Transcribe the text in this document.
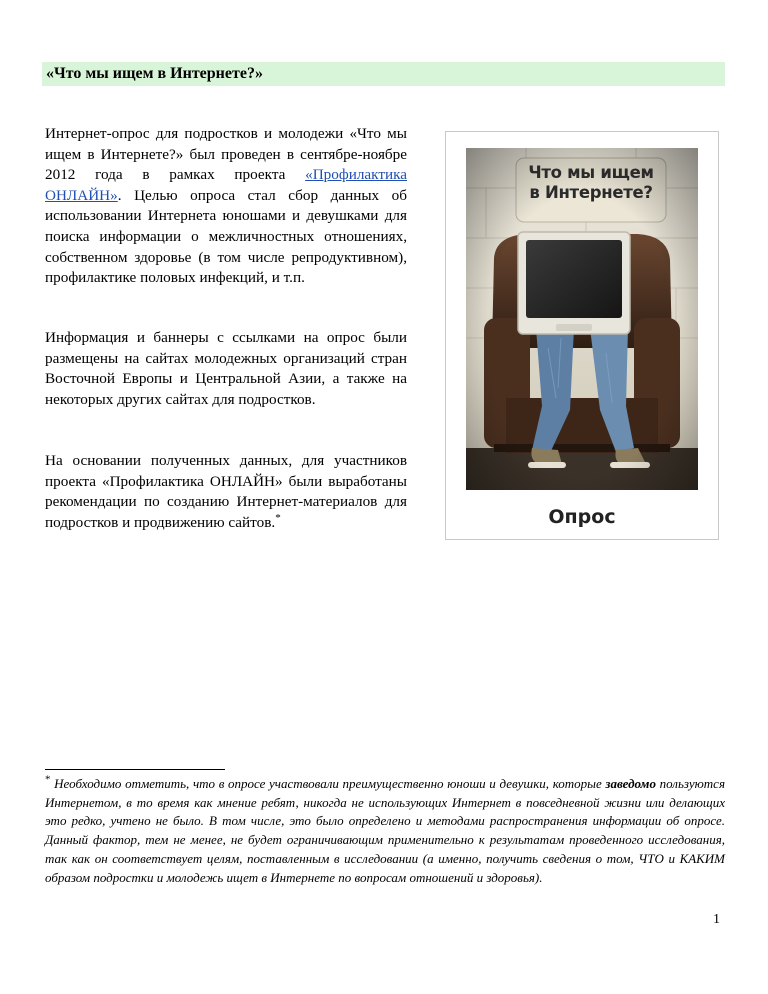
«Что мы ищем в Интернете?»

Интернет-опрос для подростков и молодежи «Что мы ищем в Интернете?» был проведен в сентябре-ноябре 2012 года в рамках проекта «Профилактика ОНЛАЙН». Целью опроса стал сбор данных об использовании Интернета юношами и девушками для поиска информации о межличностных отношениях, собственном здоровье (в том числе репродуктивном), профилактике половых инфекций, и т.п.

Информация и баннеры с ссылками на опрос были размещены на сайтах молодежных организаций стран Восточной Европы и Центральной Азии, а также на некоторых других сайтах для подростков.

На основании полученных данных, для участников проекта «Профилактика ОНЛАЙН» были выработаны рекомендации по созданию Интернет-материалов для подростков и продвижению сайтов.*

Что мы ищем
в Интернете?
Опрос

* Необходимо отметить, что в опросе участвовали преимущественно юноши и девушки, которые заведомо пользуются Интернетом, в то время как мнение ребят, никогда не использующих Интернет в повседневной жизни или делающих это редко, учтено не было. В том числе, это было определено и методами распространения информации об опросе. Данный фактор, тем не менее, не будет ограничивающим применительно к результатам проведенного исследования, так как он соответствует целям, поставленным в исследовании (а именно, получить сведения о том, ЧТО и КАКИМ образом подростки и молодежь ищет в Интернете по вопросам отношений и здоровья).

1
